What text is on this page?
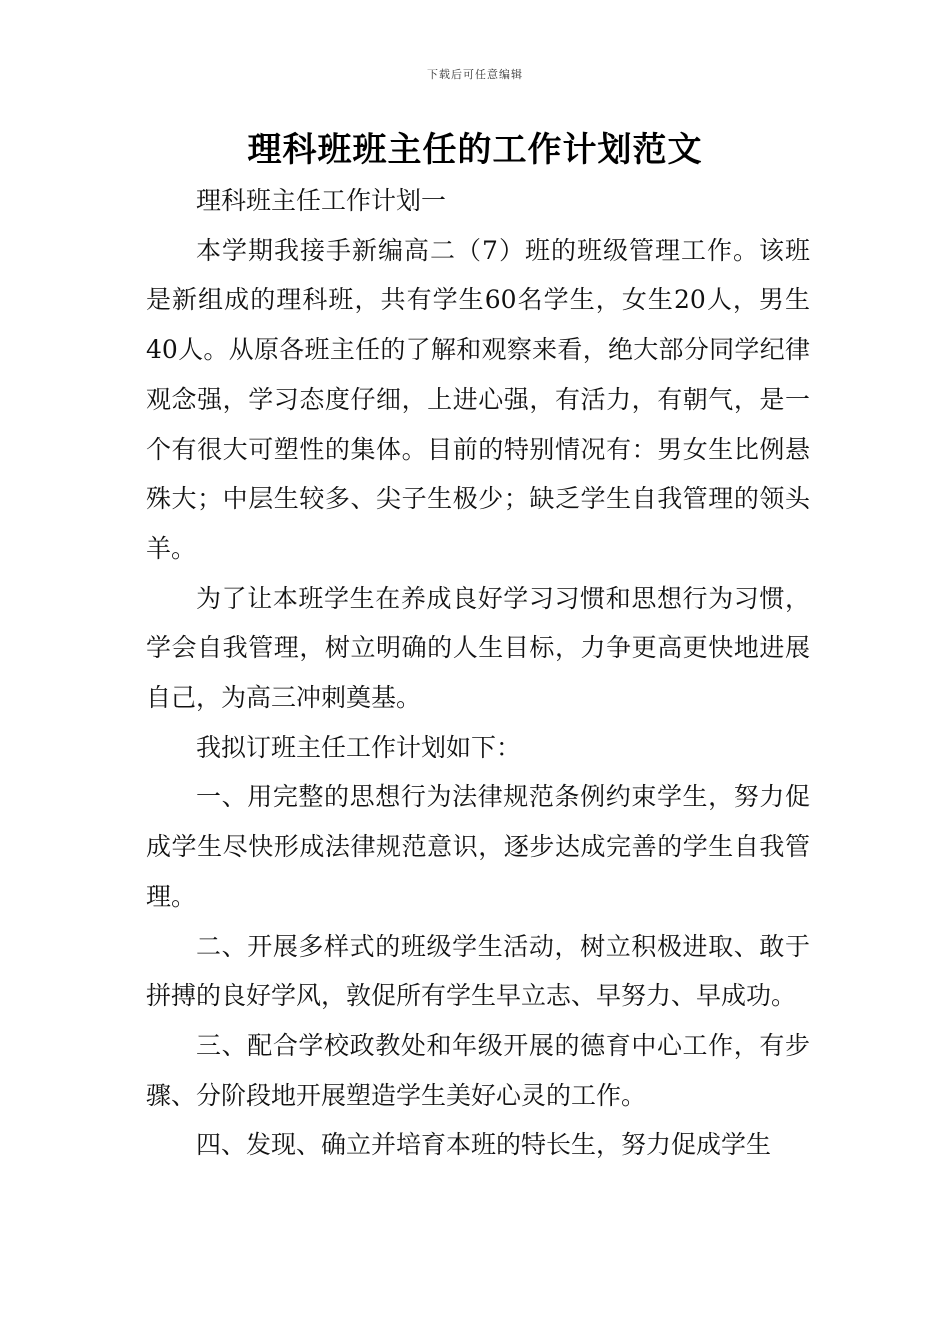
下载后可任意编辑
理科班班主任的工作计划范文

理科班主任工作计划一

本学期我接手新编高二（7）班的班级管理工作。该班是新组成的理科班，共有学生60名学生，女生20人，男生40人。从原各班主任的了解和观察来看，绝大部分同学纪律观念强，学习态度仔细，上进心强，有活力，有朝气，是一个有很大可塑性的集体。目前的特别情况有：男女生比例悬殊大；中层生较多、尖子生极少；缺乏学生自我管理的领头羊。

为了让本班学生在养成良好学习习惯和思想行为习惯，学会自我管理，树立明确的人生目标，力争更高更快地进展自己，为高三冲刺奠基。

我拟订班主任工作计划如下：

一、用完整的思想行为法律规范条例约束学生，努力促成学生尽快形成法律规范意识，逐步达成完善的学生自我管理。

二、开展多样式的班级学生活动，树立积极进取、敢于拼搏的良好学风，敦促所有学生早立志、早努力、早成功。

三、配合学校政教处和年级开展的德育中心工作，有步骤、分阶段地开展塑造学生美好心灵的工作。

四、发现、确立并培育本班的特长生，努力促成学生
